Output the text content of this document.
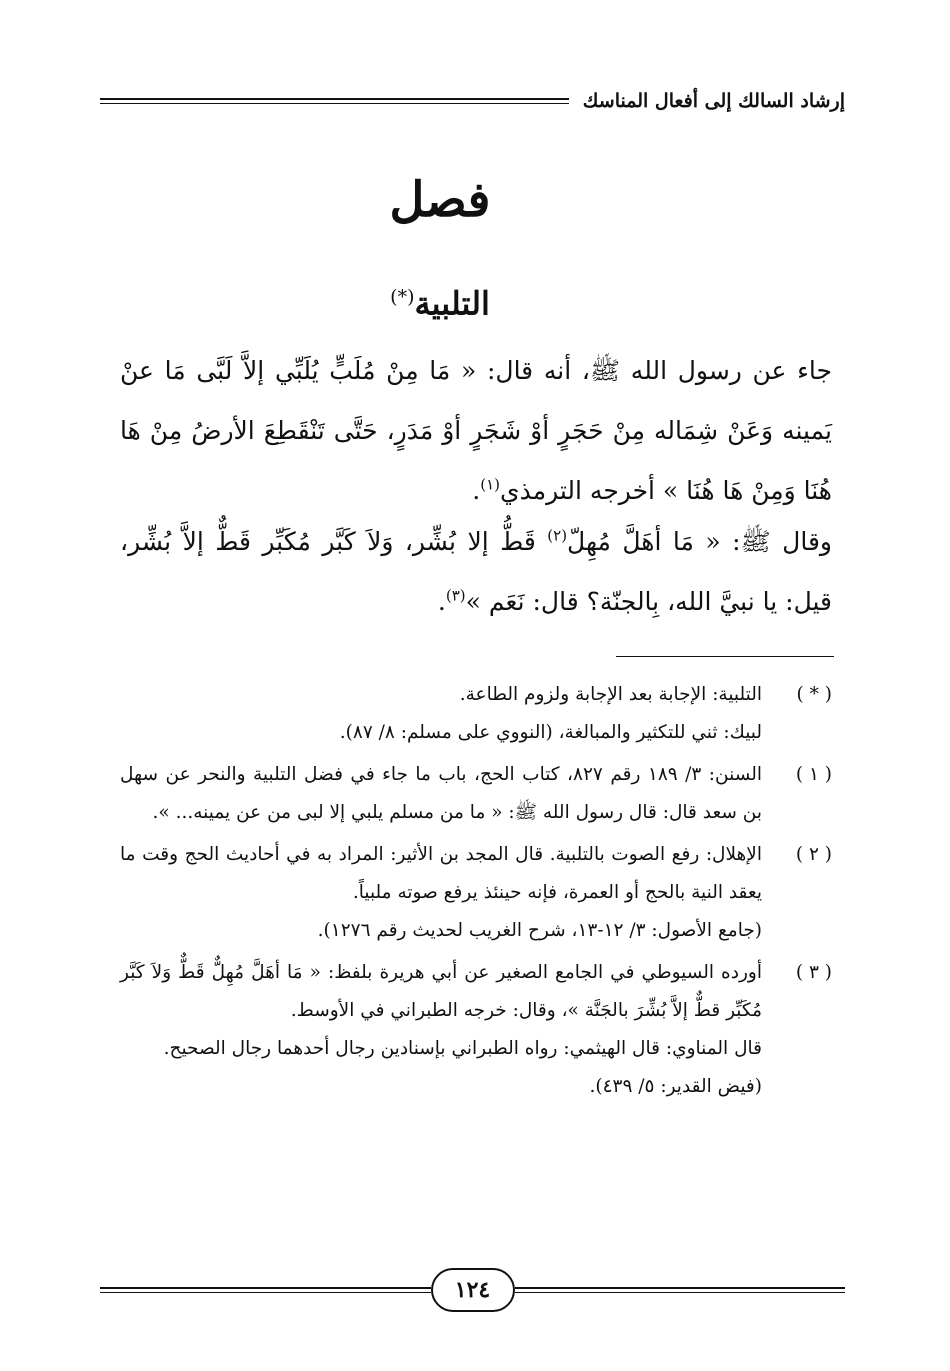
إرشاد السالك إلى أفعال المناسك
فصل
التلبية(*)
جاء عن رسول الله ﷺ، أنه قال: « مَا مِنْ مُلَبٍّ يُلَبِّي إلاَّ لَبَّى مَا عنْ يَمينه وَعَنْ شِمَاله مِنْ حَجَرٍ أوْ شَجَرٍ أوْ مَدَرٍ، حَتَّى تَنْقَطِعَ الأرضُ مِنْ هَا هُنَا وَمِنْ هَا هُنَا » أخرجه الترمذي$^{(١)}$.
وقال ﷺ: « مَا أهَلَّ مُهِلّ$^{(٢)}$ قَطُّ إلا بُشِّر، وَلاَ كَبَّر مُكَبِّر قَطٌّ إلاَّ بُشِّر، قيل: يا نبيَّ الله، بِالجنّة؟ قال: نَعَم »$^{(٣)}$.
( * )

التلبية: الإجابة بعد الإجابة ولزوم الطاعة.

لبيك: ثني للتكثير والمبالغة، (النووي على مسلم: ٨/ ٨٧).

( ١ )

السنن: ٣/ ١٨٩ رقم ٨٢٧، كتاب الحج، باب ما جاء في فضل التلبية والنحر عن سهل بن سعد قال: قال رسول الله ﷺ: « ما من مسلم يلبي إلا لبى من عن يمينه... ».

( ٢ )

الإهلال: رفع الصوت بالتلبية. قال المجد بن الأثير: المراد به في أحاديث الحج وقت ما يعقد النية بالحج أو العمرة، فإنه حينئذ يرفع صوته ملبياً.

(جامع الأصول: ٣/ ١٢-١٣، شرح الغريب لحديث رقم ١٢٧٦).

( ٣ )

أورده السيوطي في الجامع الصغير عن أبي هريرة بلفظ: « مَا أهَلَّ مُهِلٌّ قَطٌّ وَلاَ كَبَّر مُكَبِّر قطٌّ إلاَّ بُشِّرَ بالجَنَّة »، وقال: خرجه الطبراني في الأوسط.

قال المناوي: قال الهيثمي: رواه الطبراني بإسنادين رجال أحدهما رجال الصحيح.

(فيض القدير: ٥/ ٤٣٩).

١٢٤
